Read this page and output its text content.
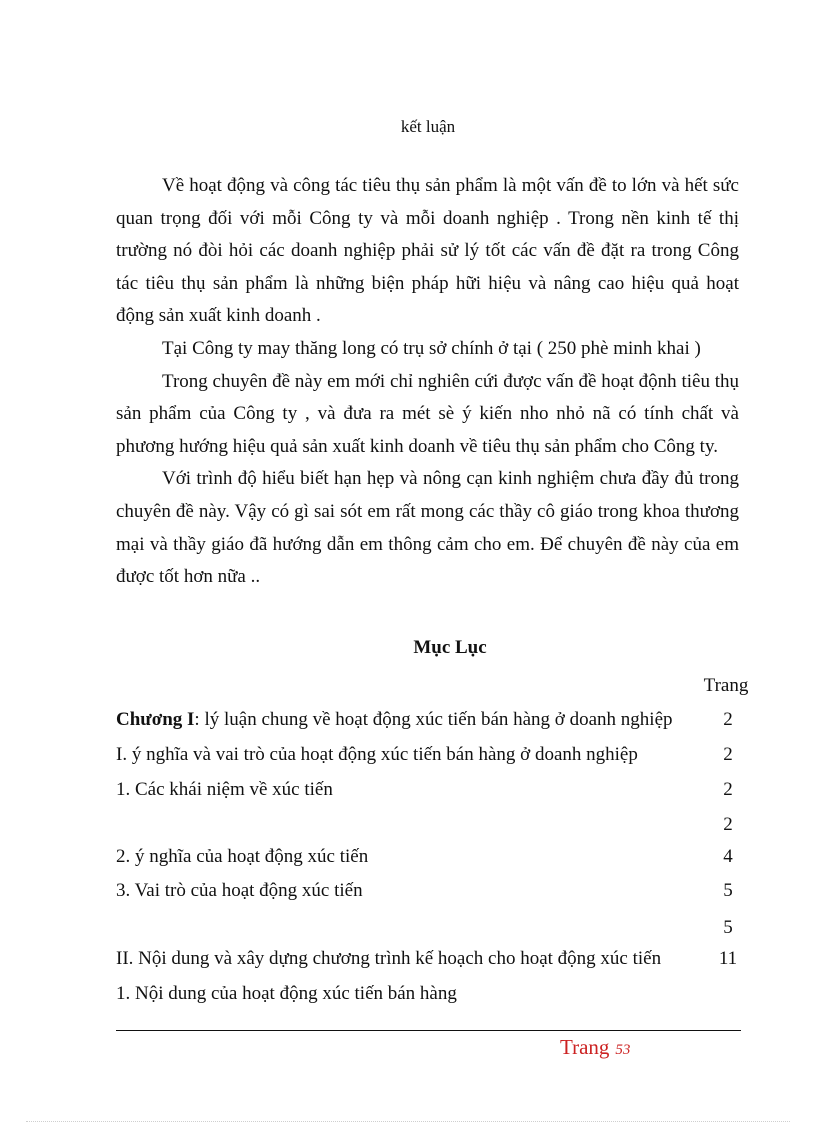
kết luận

Về hoạt động và công tác tiêu thụ sản phẩm là một vấn đề to lớn và hết sức quan trọng đối với mỗi Công ty và mỗi doanh nghiệp . Trong nền kinh tế thị trường nó đòi hỏi các doanh nghiệp phải sử lý tốt các vấn đề đặt ra trong Công tác tiêu thụ sản phẩm là những biện pháp hữi hiệu và nâng cao hiệu quả hoạt động sản xuất kinh doanh .

Tại Công ty may thăng long có trụ sở chính ở tại ( 250 phè minh khai )

Trong chuyên đề này em mới chỉ nghiên cứi được vấn đề hoạt độnh tiêu thụ sản phẩm của Công ty , và đưa ra mét sè ý kiến nho nhỏ nã có tính chất và phương hướng hiệu quả sản xuất kinh doanh về tiêu thụ sản phẩm cho Công ty.

Với trình độ hiểu biết hạn hẹp và nông cạn kinh nghiệm chưa đầy đủ trong chuyên đề này. Vậy có gì sai sót em rất mong các thầy cô giáo trong khoa thương mại và thầy giáo đã hướng dẫn em thông cảm cho em. Để chuyên đề này của em được tốt hơn nữa ..

Mục Lục
Trang
Chương I: lý luận chung về hoạt động xúc tiến bán hàng ở doanh nghiệp	2
I. ý nghĩa và vai trò của hoạt động xúc tiến bán hàng ở doanh nghiệp	2
1. Các khái niệm về xúc tiến	2
2
2. ý nghĩa của hoạt động xúc tiến	4
3. Vai trò của hoạt động xúc tiến	5
5
II. Nội dung và xây dựng chương trình kế hoạch cho hoạt động xúc tiến	11
1. Nội dung của hoạt động xúc tiến bán hàng
Trang 53
